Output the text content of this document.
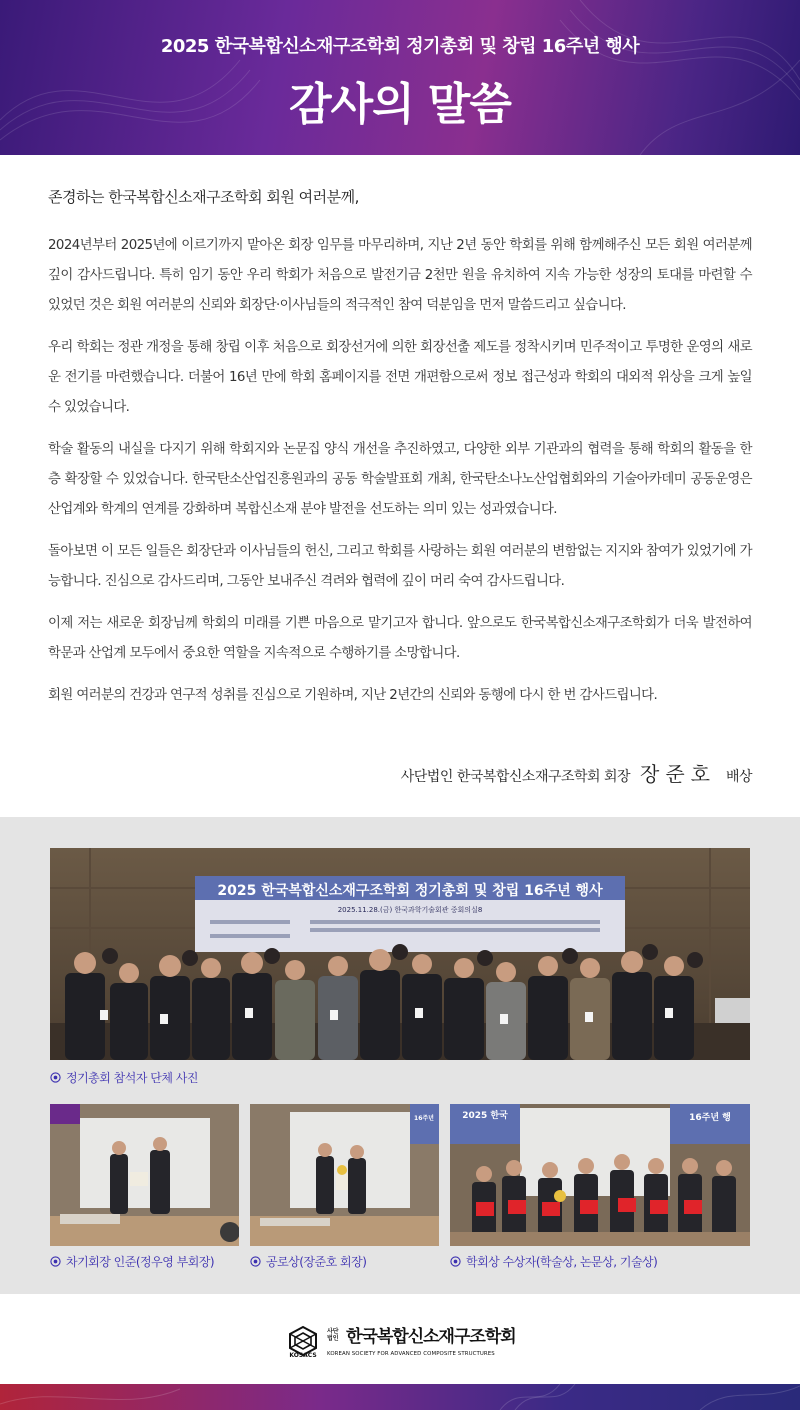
2025 한국복합신소재구조학회 정기총회 및 창립 16주년 행사
감사의 말씀
존경하는 한국복합신소재구조학회 회원 여러분께,

2024년부터 2025년에 이르기까지 맡아온 회장 임무를 마무리하며, 지난 2년 동안 학회를 위해 함께해주신 모든 회원 여러분께 깊이 감사드립니다. 특히 임기 동안 우리 학회가 처음으로 발전기금 2천만 원을 유치하여 지속 가능한 성장의 토대를 마련할 수 있었던 것은 회원 여러분의 신뢰와 회장단·이사님들의 적극적인 참여 덕분임을 먼저 말씀드리고 싶습니다.

우리 학회는 정관 개정을 통해 창립 이후 처음으로 회장선거에 의한 회장선출 제도를 정착시키며 민주적이고 투명한 운영의 새로운 전기를 마련했습니다. 더불어 16년 만에 학회 홈페이지를 전면 개편함으로써 정보 접근성과 학회의 대외적 위상을 크게 높일 수 있었습니다.

학술 활동의 내실을 다지기 위해 학회지와 논문집 양식 개선을 추진하였고, 다양한 외부 기관과의 협력을 통해 학회의 활동을 한층 확장할 수 있었습니다. 한국탄소산업진흥원과의 공동 학술발표회 개최, 한국탄소나노산업협회와의 기술아카데미 공동운영은 산업계와 학계의 연계를 강화하며 복합신소재 분야 발전을 선도하는 의미 있는 성과였습니다.

돌아보면 이 모든 일들은 회장단과 이사님들의 헌신, 그리고 학회를 사랑하는 회원 여러분의 변함없는 지지와 참여가 있었기에 가능합니다. 진심으로 감사드리며, 그동안 보내주신 격려와 협력에 깊이 머리 숙여 감사드립니다.

이제 저는 새로운 회장님께 학회의 미래를 기쁜 마음으로 맡기고자 합니다. 앞으로도 한국복합신소재구조학회가 더욱 발전하여 학문과 산업계 모두에서 중요한 역할을 지속적으로 수행하기를 소망합니다.

회원 여러분의 건강과 연구적 성취를 진심으로 기원하며, 지난 2년간의 신뢰와 동행에 다시 한 번 감사드립니다.

사단법인 한국복합신소재구조학회 회장 장준호 배상
2025 한국복합신소재구조학회 정기총회 및 창립 16주년 행사
2025.11.28.(금) 한국과학기술회관 중회의실8
정기총회 참석자 단체 사진
차기회장 인준(정우영 부회장)
16주년
공로상(장준호 회장)
2025 한국	16주년 행
학회상 수상자(학술상, 논문상, 기술상)
사단법인 한국복합신소재구조학회
KOREAN SOCIETY FOR ADVANCED COMPOSITE STRUCTURES
KOSACS
